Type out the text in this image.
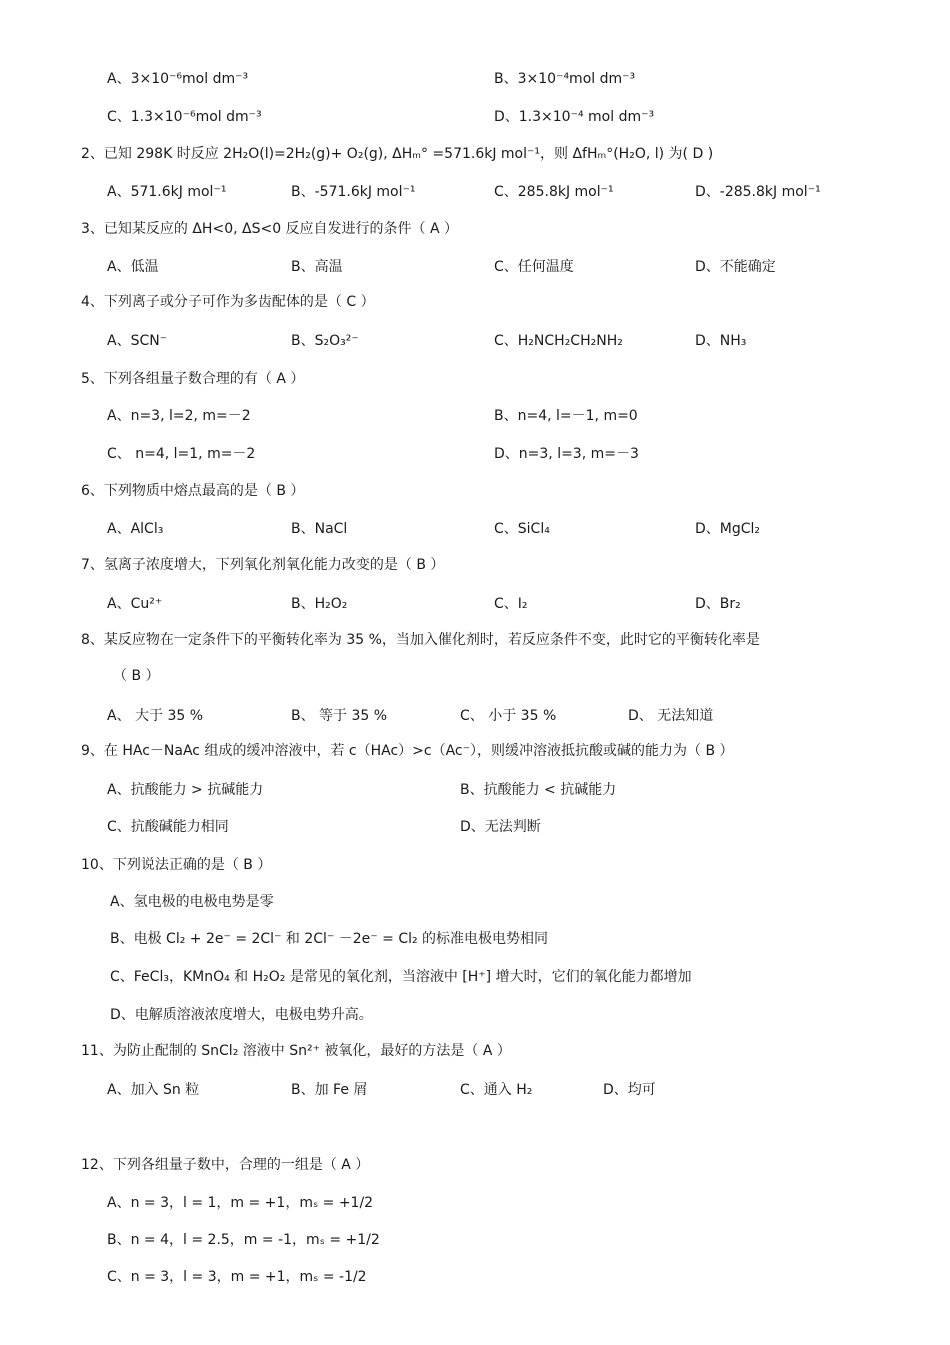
A、3×10⁻⁶mol dm⁻³	B、3×10⁻⁴mol dm⁻³
C、1.3×10⁻⁶mol dm⁻³	D、1.3×10⁻⁴ mol dm⁻³
2、已知 298K 时反应 2H₂O(l)=2H₂(g)+ O₂(g), ΔHₘ° =571.6kJ mol⁻¹，则 ΔfHₘ°(H₂O, l) 为( D )
A、571.6kJ mol⁻¹	B、-571.6kJ mol⁻¹	C、285.8kJ mol⁻¹	D、-285.8kJ mol⁻¹
3、已知某反应的 ΔH<0, ΔS<0 反应自发进行的条件（ A ）
A、低温	B、高温	C、任何温度	D、不能确定
4、下列离子或分子可作为多齿配体的是（ C ）
A、SCN⁻	B、S₂O₃²⁻	C、H₂NCH₂CH₂NH₂	D、NH₃
5、下列各组量子数合理的有（ A ）
A、n=3, l=2, m=－2	B、n=4, l=－1, m=0
C、 n=4, l=1, m=－2	D、n=3, l=3, m=－3
6、下列物质中熔点最高的是（ B ）
A、AlCl₃	B、NaCl	C、SiCl₄	D、MgCl₂
7、氢离子浓度增大，下列氧化剂氧化能力改变的是（ B ）
A、Cu²⁺	B、H₂O₂	C、I₂	D、Br₂
8、某反应物在一定条件下的平衡转化率为 35 %，当加入催化剂时，若反应条件不变，此时它的平衡转化率是
（ B ）
A、 大于 35 %	B、 等于 35 %	C、 小于 35 %	D、 无法知道
9、在 HAc－NaAc 组成的缓冲溶液中，若 c（HAc）>c（Ac⁻），则缓冲溶液抵抗酸或碱的能力为（ B ）
A、抗酸能力 > 抗碱能力	B、抗酸能力 < 抗碱能力
C、抗酸碱能力相同	D、无法判断
10、下列说法正确的是（ B ）
A、氢电极的电极电势是零
B、电极 Cl₂ + 2e⁻ = 2Cl⁻ 和 2Cl⁻ －2e⁻ = Cl₂ 的标准电极电势相同
C、FeCl₃，KMnO₄ 和 H₂O₂ 是常见的氧化剂，当溶液中 [H⁺] 增大时，它们的氧化能力都增加
D、电解质溶液浓度增大，电极电势升高。
11、为防止配制的 SnCl₂ 溶液中 Sn²⁺ 被氧化，最好的方法是（ A ）
A、加入 Sn 粒	B、加 Fe 屑	C、通入 H₂	D、均可
12、下列各组量子数中，合理的一组是（ A ）
A、n = 3，l = 1，m = +1，mₛ = +1/2
B、n = 4，l = 2.5，m = -1，mₛ = +1/2
C、n = 3，l = 3，m = +1，mₛ = -1/2
